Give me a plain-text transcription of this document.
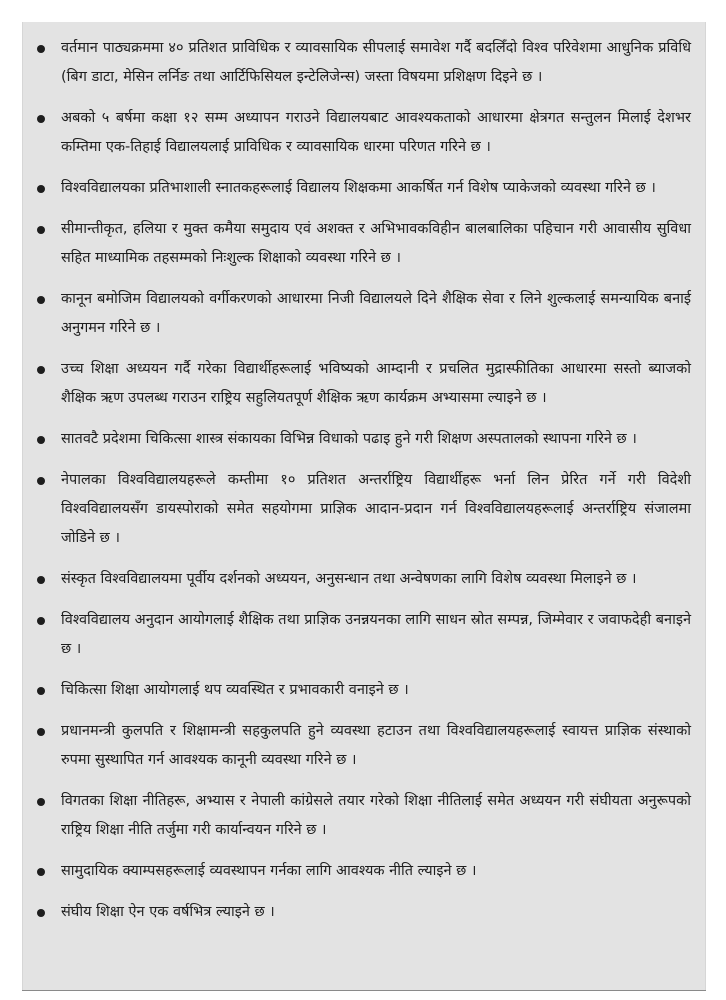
वर्तमान पाठ्यक्रममा ४० प्रतिशत प्राविधिक र व्यावसायिक सीपलाई समावेश गर्दै बदलिँदो विश्व परिवेशमा आधुनिक प्रविधि (बिग डाटा, मेसिन लर्निङ तथा आर्टिफिसियल इन्टेलिजेन्स) जस्ता विषयमा प्रशिक्षण दिइने छ ।
अबको ५ बर्षमा कक्षा १२ सम्म अध्यापन गराउने विद्यालयबाट आवश्यकताको आधारमा क्षेत्रगत सन्तुलन मिलाई देशभर कम्तिमा एक-तिहाई विद्यालयलाई प्राविधिक र व्यावसायिक धारमा परिणत गरिने छ ।
विश्वविद्यालयका प्रतिभाशाली स्नातकहरूलाई विद्यालय शिक्षकमा आकर्षित गर्न विशेष प्याकेजको व्यवस्था गरिने छ ।
सीमान्तीकृत, हलिया र मुक्त कमैया समुदाय एवं अशक्त र अभिभावकविहीन बालबालिका पहिचान गरी आवासीय सुविधा सहित माध्यामिक तहसम्मको निःशुल्क शिक्षाको व्यवस्था गरिने छ ।
कानून बमोजिम विद्यालयको वर्गीकरणको आधारमा निजी विद्यालयले दिने शैक्षिक सेवा र लिने शुल्कलाई समन्यायिक बनाई अनुगमन गरिने छ ।
उच्च शिक्षा अध्ययन गर्दै गरेका विद्यार्थीहरूलाई भविष्यको आम्दानी र प्रचलित मुद्रास्फीतिका आधारमा सस्तो ब्याजको शैक्षिक ऋण उपलब्ध गराउन राष्ट्रिय सहुलियतपूर्ण शैक्षिक ऋण कार्यक्रम अभ्यासमा ल्याइने छ ।
सातवटै प्रदेशमा चिकित्सा शास्त्र संकायका विभिन्न विधाको पढाइ हुने गरी शिक्षण अस्पतालको स्थापना गरिने छ ।
नेपालका विश्वविद्यालयहरूले कम्तीमा १० प्रतिशत अन्तर्राष्ट्रिय विद्यार्थीहरू भर्ना लिन प्रेरित गर्ने गरी विदेशी विश्वविद्यालयसँग डायस्पोराको समेत सहयोगमा प्राज्ञिक आदान-प्रदान गर्न विश्वविद्यालयहरूलाई अन्तर्राष्ट्रिय संजालमा जोडिने छ ।
संस्कृत विश्वविद्यालयमा पूर्वीय दर्शनको अध्ययन, अनुसन्धान तथा अन्वेषणका लागि विशेष व्यवस्था मिलाइने छ ।
विश्वविद्यालय अनुदान आयोगलाई शैक्षिक तथा प्राज्ञिक उनन्नयनका लागि साधन स्रोत सम्पन्न, जिम्मेवार र जवाफदेही बनाइने छ ।
चिकित्सा शिक्षा आयोगलाई थप व्यवस्थित र प्रभावकारी वनाइने छ ।
प्रधानमन्त्री कुलपति र शिक्षामन्त्री सहकुलपति हुने व्यवस्था हटाउन तथा विश्वविद्यालयहरूलाई स्वायत्त प्राज्ञिक संस्थाको रुपमा सुस्थापित गर्न आवश्यक कानूनी व्यवस्था गरिने छ ।
विगतका शिक्षा नीतिहरू, अभ्यास र नेपाली कांग्रेसले तयार गरेको शिक्षा नीतिलाई समेत अध्ययन गरी संघीयता अनुरूपको राष्ट्रिय शिक्षा नीति तर्जुमा गरी कार्यान्वयन गरिने छ ।
सामुदायिक क्याम्पसहरूलाई व्यवस्थापन गर्नका लागि आवश्यक नीति ल्याइने छ ।
संघीय शिक्षा ऐन एक वर्षभित्र ल्याइने छ ।
